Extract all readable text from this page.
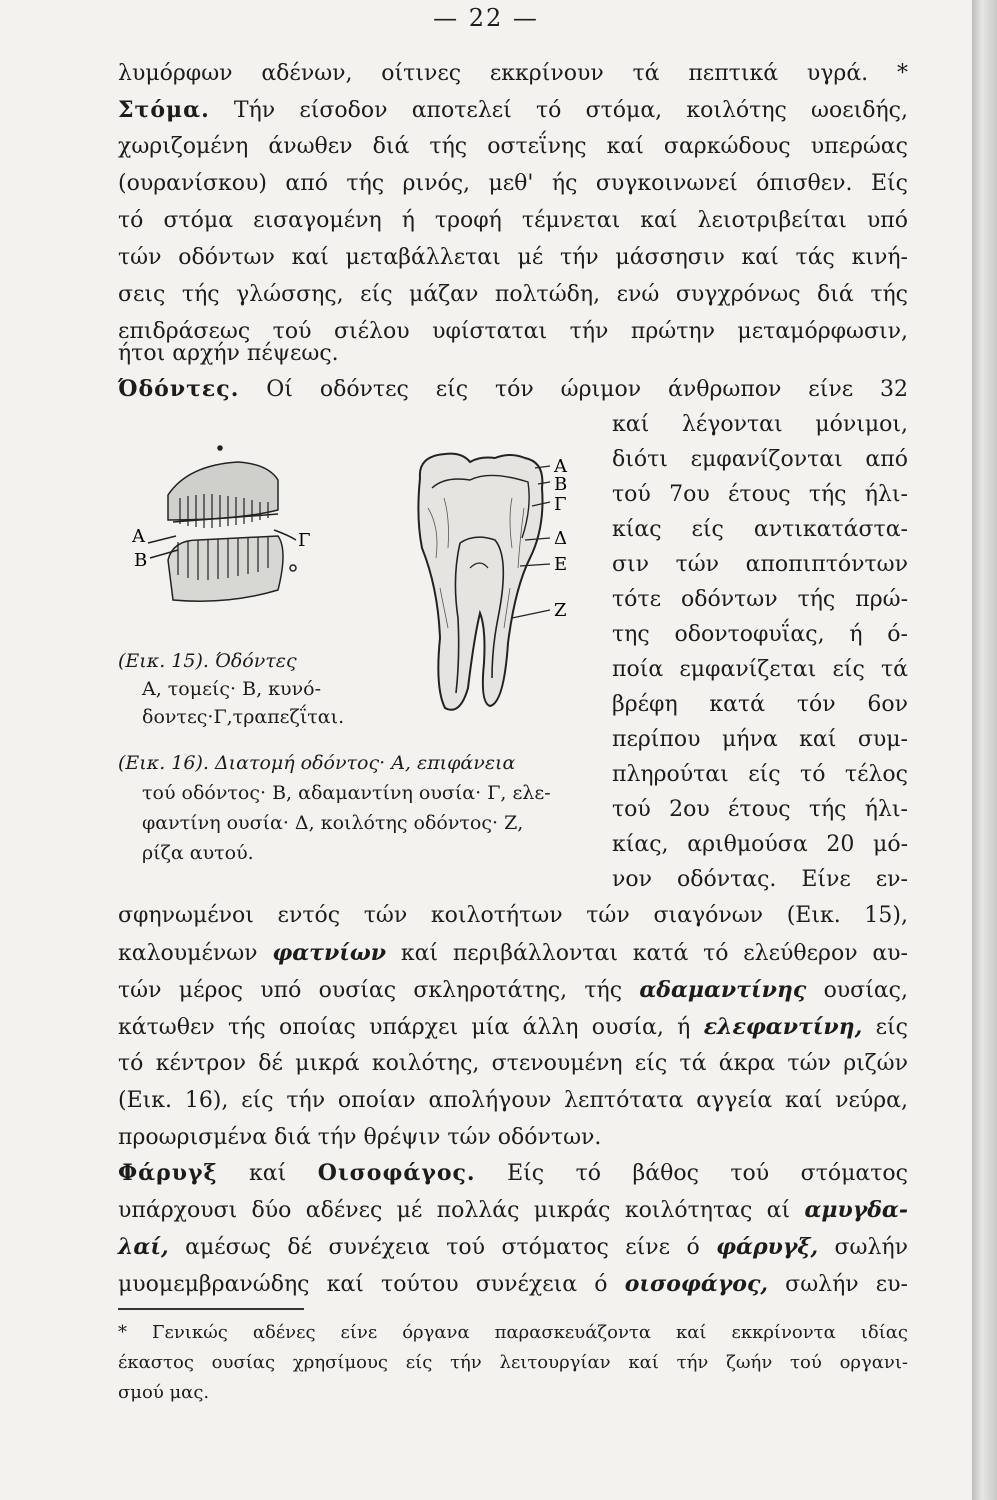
— 22 —
λυμόρφων αδένων, οίτινες εκκρίνουν τά πεπτικά υγρά. *
Στόμα. Τήν είσοδον αποτελεί τό στόμα, κοιλότης ωοειδής,
χωριζομένη άνωθεν διά τής οστεΐνης καί σαρκώδους υπερώας
(ουρανίσκου) από τής ρινός, μεθ' ής συγκοινωνεί όπισθεν. Είς
τό στόμα εισαγομένη ή τροφή τέμνεται καί λειοτριβείται υπό
τών οδόντων καί μεταβάλλεται μέ τήν μάσσησιν καί τάς κινή-
σεις τής γλώσσης, είς μάζαν πολτώδη, ενώ συγχρόνως διά τής
επιδράσεως τού σιέλου υφίσταται τήν πρώτην μεταμόρφωσιν,
ήτοι αρχήν πέψεως.
Όδόντες. Οί οδόντες είς τόν ώριμον άνθρωπον είνε 32
καί λέγονται μόνιμοι,
διότι εμφανίζονται από
τού 7ου έτους τής ήλι-
κίας είς αντικατάστα-
σιν τών αποπιπτόντων
τότε οδόντων τής πρώ-
της οδοντοφυΐας, ή ό-
ποία εμφανίζεται είς τά
βρέφη κατά τόν 6ον
περίπου μήνα καί συμ-
πληρούται είς τό τέλος
τού 2ου έτους τής ήλι-
κίας, αριθμούσα 20 μό-
νον οδόντας. Είνε εν-
Α
Β
Γ
(Εικ. 15). Όδόντες
Α, τομείς· Β, κυνό-
δοντες·Γ,τραπεζΐται.
Α
Β
Γ
Δ
Ε
Ζ
(Εικ. 16). Διατομή οδόντος· Α, επιφάνεια
τού οδόντος· Β, αδαμαντίνη ουσία· Γ, ελε-
φαντίνη ουσία· Δ, κοιλότης οδόντος· Ζ,
ρίζα αυτού.
σφηνωμένοι εντός τών κοιλοτήτων τών σιαγόνων (Εικ. 15),
καλουμένων φατνίων καί περιβάλλονται κατά τό ελεύθερον αυ-
τών μέρος υπό ουσίας σκληροτάτης, τής αδαμαντίνης ουσίας,
κάτωθεν τής οποίας υπάρχει μία άλλη ουσία, ή ελεφαντίνη, είς
τό κέντρον δέ μικρά κοιλότης, στενουμένη είς τά άκρα τών ριζών
(Εικ. 16), είς τήν οποίαν απολήγουν λεπτότατα αγγεία καί νεύρα,
προωρισμένα διά τήν θρέψιν τών οδόντων.
Φάρυγξ καί Οισοφάγος. Είς τό βάθος τού στόματος
υπάρχουσι δύο αδένες μέ πολλάς μικράς κοιλότητας αί αμυγδα-
λαί, αμέσως δέ συνέχεια τού στόματος είνε ό φάρυγξ, σωλήν
μυομεμβρανώδης καί τούτου συνέχεια ό οισοφάγος, σωλήν ευ-
* Γενικώς αδένες είνε όργανα παρασκευάζοντα καί εκκρίνοντα ιδίας
έκαστος ουσίας χρησίμους είς τήν λειτουργίαν καί τήν ζωήν τού οργανι-
σμού μας.
